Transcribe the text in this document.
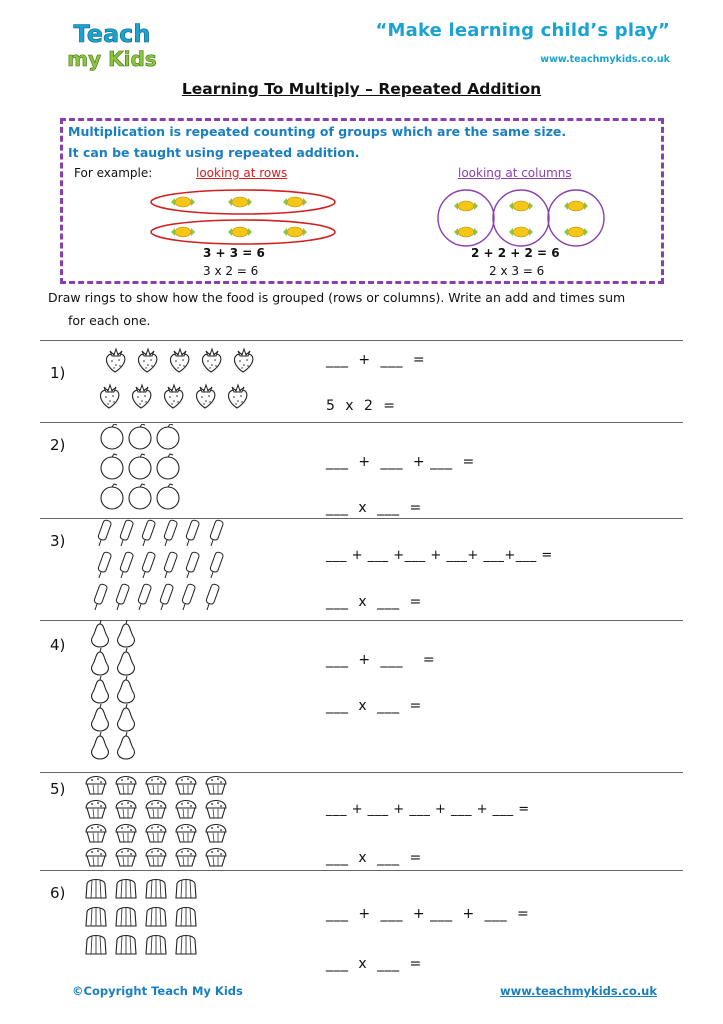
Teach
my Kids
“Make learning child’s play”
www.teachmykids.co.uk
Learning To Multiply – Repeated Addition
Multiplication is repeated counting of groups which are the same size.
It can be taught using repeated addition.
For example:	looking at rows	looking at columns
3 + 3 = 6
3 x 2 = 6
2 + 2 + 2 = 6
2 x 3 = 6
Draw rings to show how the food is grouped (rows or columns). Write an add and times sum
for each one.
1)
___  +  ___  =
5  x  2  =
2)
___  +  ___  + ___  =
___  x  ___  =
3)
___ + ___ +___ + ___+ ___+___ =
___  x  ___  =
4)
___  +  ___    =
___  x  ___  =
5)
___ + ___ + ___ + ___ + ___ =
___  x  ___  =
6)
___  +  ___  + ___  +  ___  =
___  x  ___  =
©Copyright Teach My Kids	www.teachmykids.co.uk
